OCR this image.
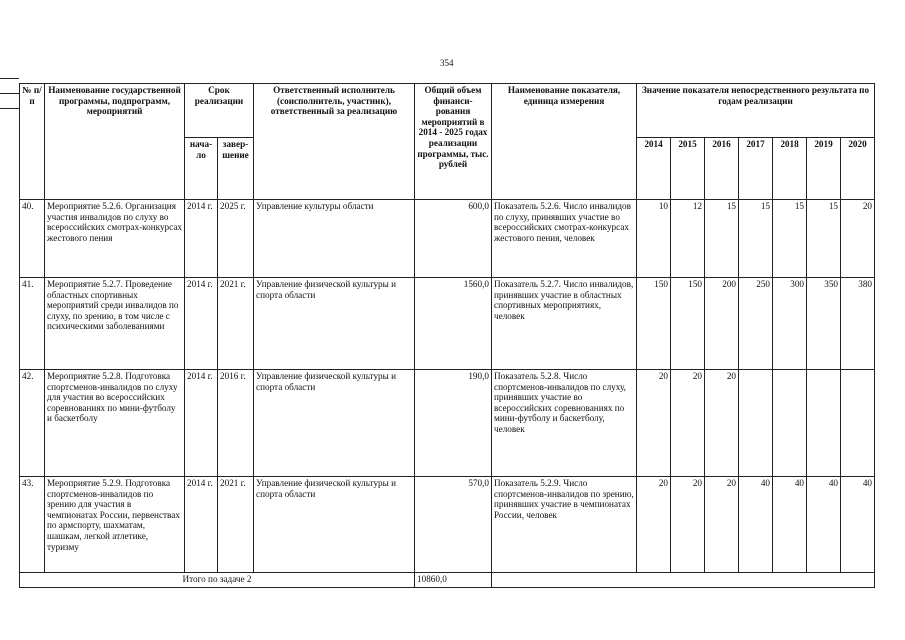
354
№ п/п	Наименование государственной программы, подпрограмм, мероприятий	Срок реализации		Ответственный исполнитель (соисполнитель, участник), ответственный за реализацию	Общий объем финанси-рования мероприятий в 2014 - 2025 годах реализации программы, тыс. рублей	Наименование показателя, единица измерения	Значение показателя непосредственного результата по годам реализации						
		нача-ло	завер-шение				2014	2015	2016	2017	2018	2019	2020
40.	Мероприятие 5.2.6. Организация участия инвалидов по слуху во всероссийских смотрах-конкурсах жестового пения	2014 г.	2025 г.	Управление культуры области	600,0	Показатель 5.2.6. Число инвалидов по слуху, принявших участие во всероссийских смотрах-конкурсах жестового пения, человек	10	12	15	15	15	15	20
41.	Мероприятие 5.2.7. Проведение областных спортивных мероприятий среди инвалидов по слуху, по зрению, в том числе с психическими заболеваниями	2014 г.	2021 г.	Управление физической культуры и спорта области	1560,0	Показатель 5.2.7. Число инвалидов, принявших участие в областных спортивных мероприятиях, человек	150	150	200	250	300	350	380
42.	Мероприятие 5.2.8. Подготовка спортсменов-инвалидов по слуху для участия во всероссийских соревнованиях по мини-футболу и баскетболу	2014 г.	2016 г.	Управление физической культуры и спорта области	190,0	Показатель 5.2.8. Число спортсменов-инвалидов по слуху, принявших участие во всероссийских соревнованиях по мини-футболу и баскетболу, человек	20	20	20				
43.	Мероприятие 5.2.9. Подготовка спортсменов-инвалидов по зрению для участия в чемпионатах России, первенствах по армспорту, шахматам, шашкам, легкой атлетике, туризму	2014 г.	2021 г.	Управление физической культуры и спорта области	570,0	Показатель 5.2.9. Число спортсменов-инвалидов по зрению, принявших участие в чемпионатах России, человек	20	20	20	40	40	40	40
Итого по задаче 2					10860,0								
